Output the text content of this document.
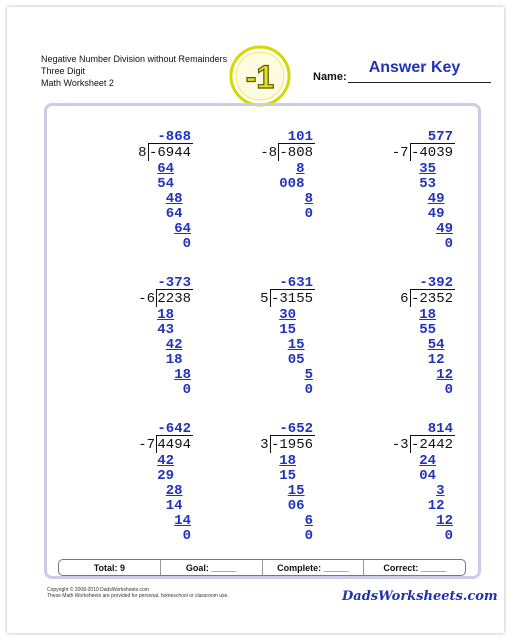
Negative Number Division without Remainders
Three Digit
Math Worksheet 2	-1	Name:
Answer Key
-868
8 -6944
64
54
48
64
64
0
101
-8 -808
8
008
8
0
577
-7 -4039
35
53
49
49
49
0
-373
-6 2238
18
43
42
18
18
0
-631
5 -3155
30
15
15
05
5
0
-392
6 -2352
18
55
54
12
12
0
-642
-7 4494
42
29
28
14
14
0
-652
3 -1956
18
15
15
06
6
0
814
-3 -2442
24
04
3
12
12
0
Total: 9	Goal: _____	Complete: _____	Correct: _____
Copyright © 2008-2019 DadsWorksheets.com
These Math Worksheets are provided for personal, homeschool or classroom use.	DadsWorksheets.com
